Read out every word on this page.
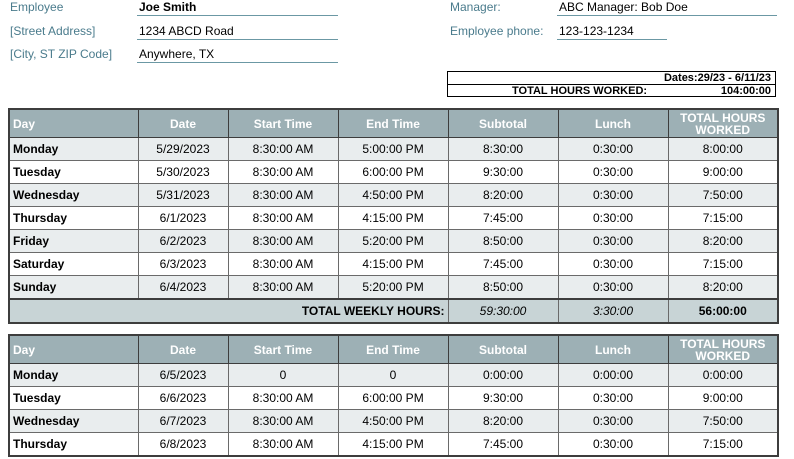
Employee	Joe Smith
[Street Address]	1234 ABCD Road
[City, ST ZIP Code] Anywhere, TX
Manager:	ABC Manager: Bob Doe
Employee phone: 123-123-1234
Dates:29/23 - 6/11/23
TOTAL HOURS WORKED:	104:00:00
Day	Date	Start Time	End Time	Subtotal	Lunch	TOTAL HOURS WORKED
Monday	5/29/2023	8:30:00 AM	5:00:00 PM	8:30:00	0:30:00	8:00:00
Tuesday	5/30/2023	8:30:00 AM	6:00:00 PM	9:30:00	0:30:00	9:00:00
Wednesday	5/31/2023	8:30:00 AM	4:50:00 PM	8:20:00	0:30:00	7:50:00
Thursday	6/1/2023	8:30:00 AM	4:15:00 PM	7:45:00	0:30:00	7:15:00
Friday	6/2/2023	8:30:00 AM	5:20:00 PM	8:50:00	0:30:00	8:20:00
Saturday	6/3/2023	8:30:00 AM	4:15:00 PM	7:45:00	0:30:00	7:15:00
Sunday	6/4/2023	8:30:00 AM	5:20:00 PM	8:50:00	0:30:00	8:20:00
TOTAL WEEKLY HOURS:				59:30:00	3:30:00	56:00:00
Day	Date	Start Time	End Time	Subtotal	Lunch	TOTAL HOURS WORKED
Monday	6/5/2023	0	0	0:00:00	0:00:00	0:00:00
Tuesday	6/6/2023	8:30:00 AM	6:00:00 PM	9:30:00	0:30:00	9:00:00
Wednesday	6/7/2023	8:30:00 AM	4:50:00 PM	8:20:00	0:30:00	7:50:00
Thursday	6/8/2023	8:30:00 AM	4:15:00 PM	7:45:00	0:30:00	7:15:00
